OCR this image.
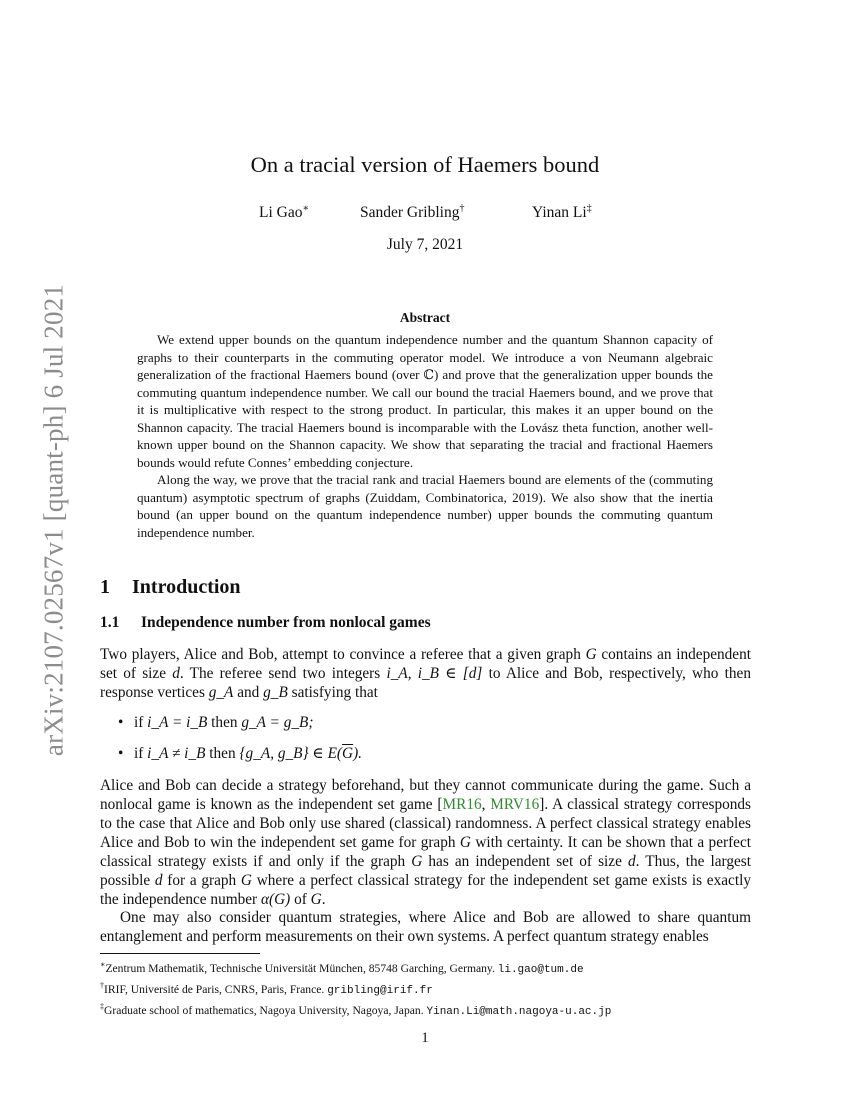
arXiv:2107.02567v1 [quant-ph] 6 Jul 2021
On a tracial version of Haemers bound
Li Gao∗	Sander Gribling†	Yinan Li‡
July 7, 2021
Abstract

We extend upper bounds on the quantum independence number and the quantum Shannon capacity of graphs to their counterparts in the commuting operator model. We introduce a von Neumann algebraic generalization of the fractional Haemers bound (over ℂ) and prove that the generalization upper bounds the commuting quantum independence number. We call our bound the tracial Haemers bound, and we prove that it is multiplicative with respect to the strong product. In particular, this makes it an upper bound on the Shannon capacity. The tracial Haemers bound is incomparable with the Lovász theta function, another well-known upper bound on the Shannon capacity. We show that separating the tracial and fractional Haemers bounds would refute Connes’ embedding conjecture.

Along the way, we prove that the tracial rank and tracial Haemers bound are elements of the (commuting quantum) asymptotic spectrum of graphs (Zuiddam, Combinatorica, 2019). We also show that the inertia bound (an upper bound on the quantum independence number) upper bounds the commuting quantum independence number.

1 Introduction
1.1 Independence number from nonlocal games

Two players, Alice and Bob, attempt to convince a referee that a given graph G contains an independent set of size d. The referee send two integers i_A, i_B ∈ [d] to Alice and Bob, respectively, who then response vertices g_A and g_B satisfying that

• if i_A = i_B then g_A = g_B;
• if i_A ≠ i_B then {g_A, g_B} ∈ $E(\overline{G})$.

Alice and Bob can decide a strategy beforehand, but they cannot communicate during the game. Such a nonlocal game is known as the independent set game [MR16, MRV16]. A classical strategy corresponds to the case that Alice and Bob only use shared (classical) randomness. A perfect classical strategy enables Alice and Bob to win the independent set game for graph G with certainty. It can be shown that a perfect classical strategy exists if and only if the graph G has an independent set of size d. Thus, the largest possible d for a graph G where a perfect classical strategy for the independent set game exists is exactly the independence number α(G) of G.

One may also consider quantum strategies, where Alice and Bob are allowed to share quantum entanglement and perform measurements on their own systems. A perfect quantum strategy enables

∗Zentrum Mathematik, Technische Universität München, 85748 Garching, Germany. li.gao@tum.de
†IRIF, Université de Paris, CNRS, Paris, France. gribling@irif.fr
‡Graduate school of mathematics, Nagoya University, Nagoya, Japan. Yinan.Li@math.nagoya-u.ac.jp
1
